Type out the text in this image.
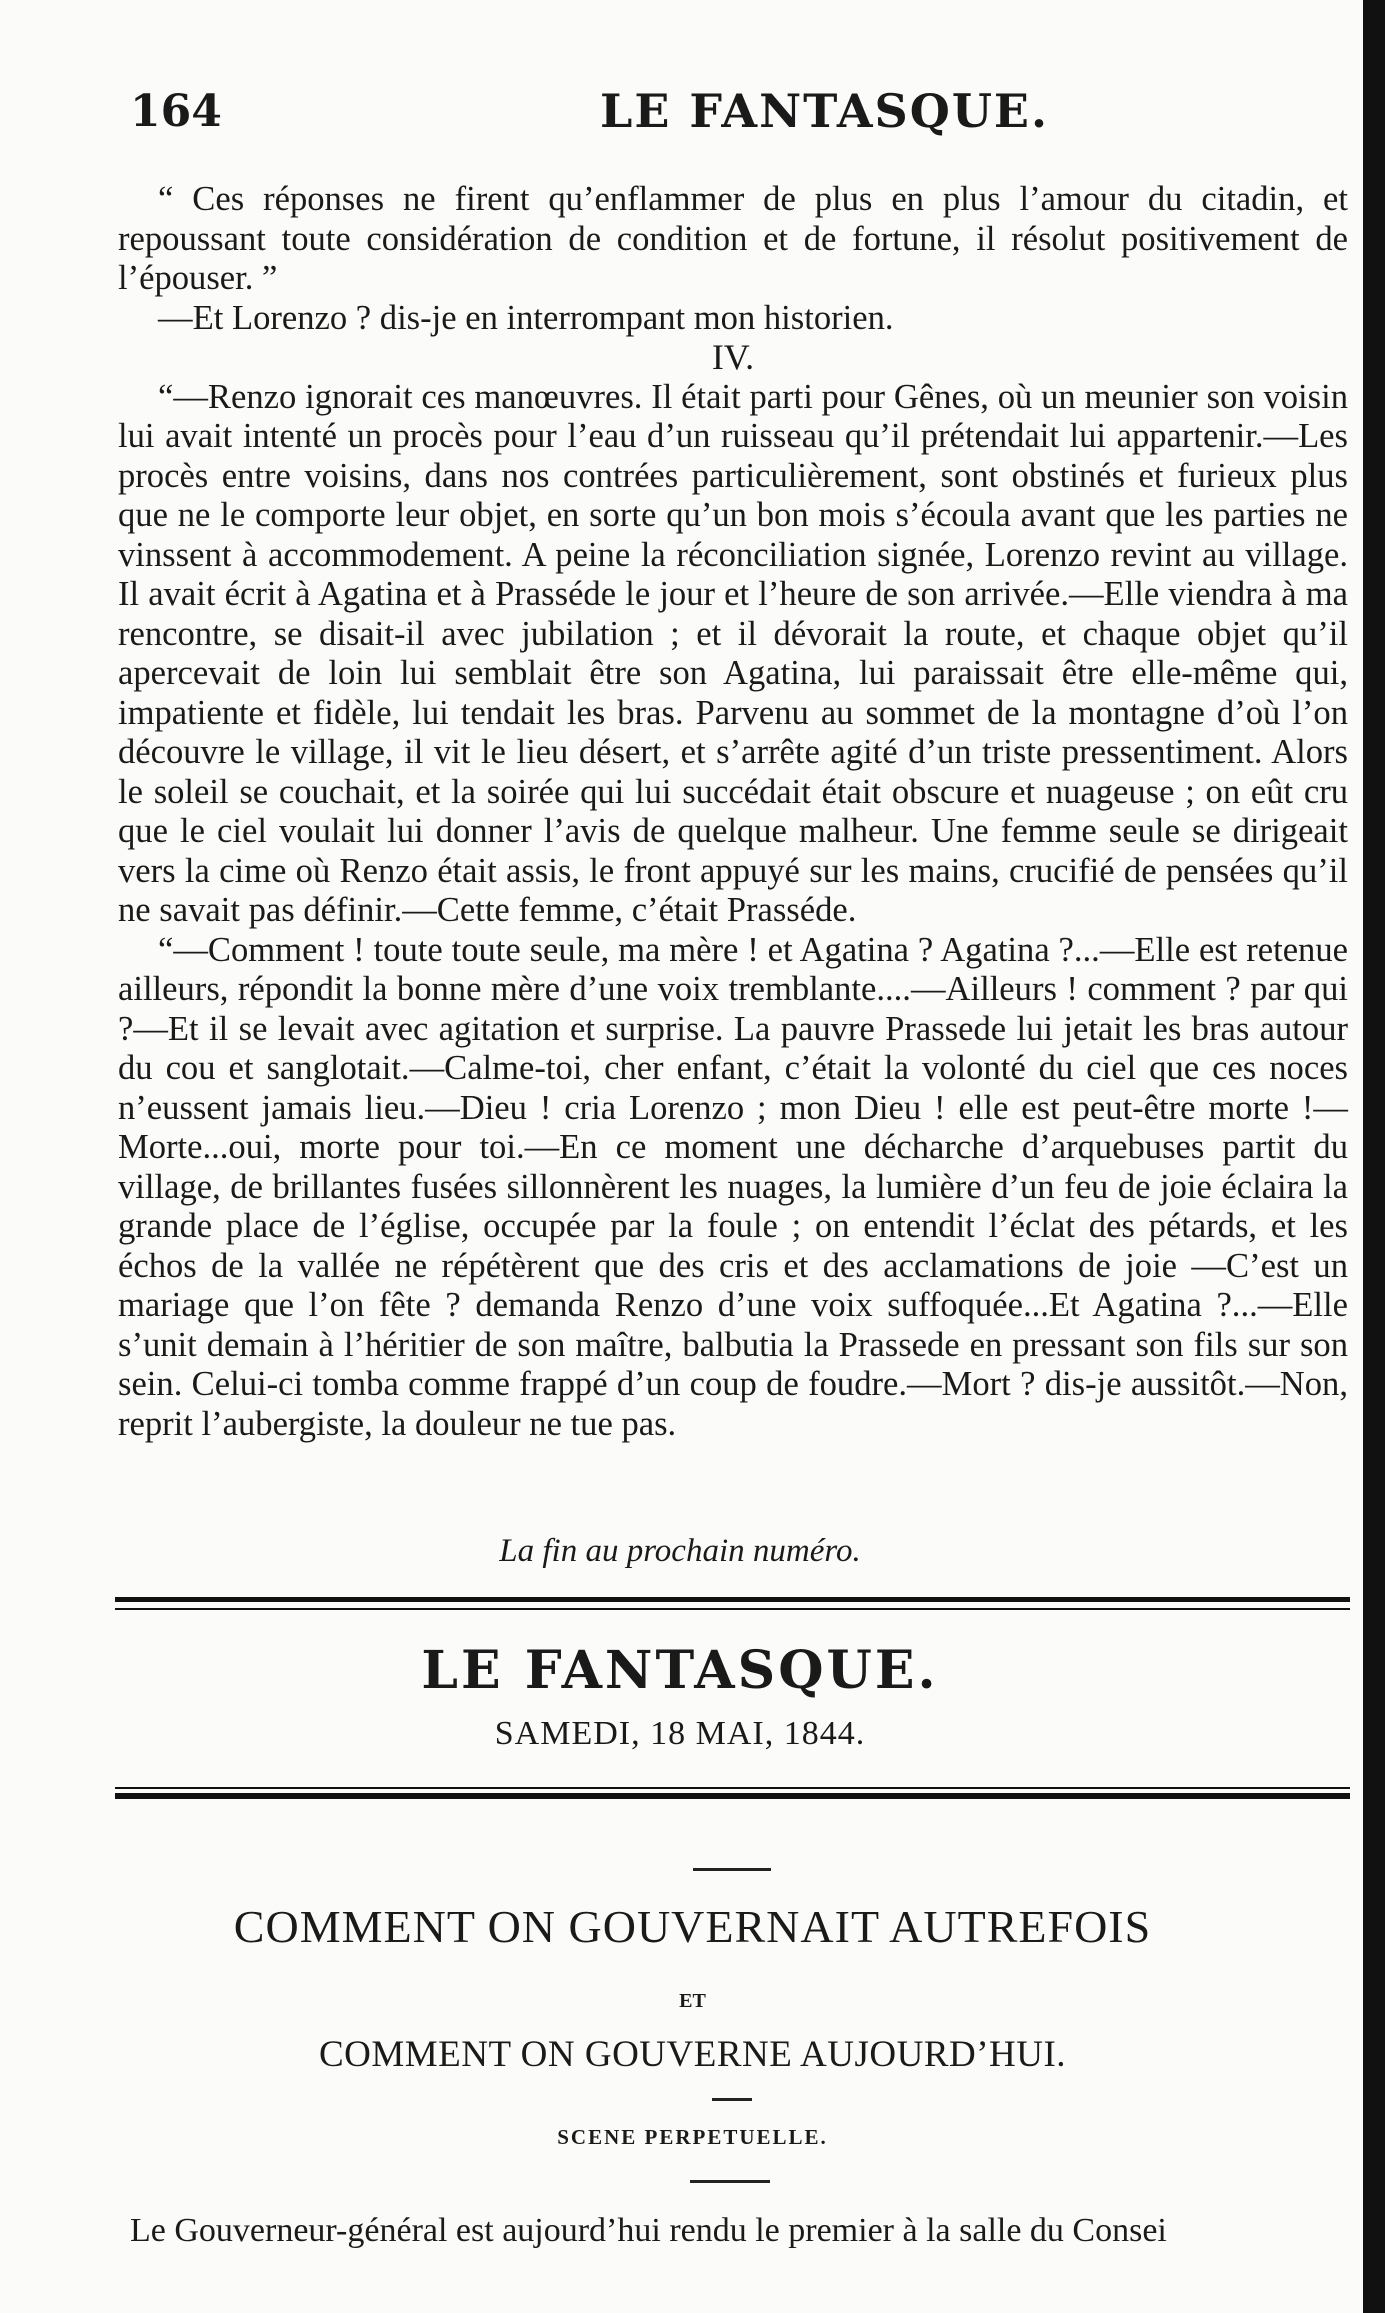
164	LE FANTASQUE.

“ Ces réponses ne firent qu’enflammer de plus en plus l’amour du citadin, et repoussant toute considération de condition et de fortune, il résolut positivement de l’épouser. ”

—Et Lorenzo ? dis-je en interrompant mon historien.

IV.

“—Renzo ignorait ces manœuvres. Il était parti pour Gênes, où un meunier son voisin lui avait intenté un procès pour l’eau d’un ruisseau qu’il prétendait lui appartenir.—Les procès entre voisins, dans nos contrées particulièrement, sont obstinés et furieux plus que ne le comporte leur objet, en sorte qu’un bon mois s’écoula avant que les parties ne vinssent à accommodement. A peine la réconciliation signée, Lorenzo revint au village. Il avait écrit à Agatina et à Prasséde le jour et l’heure de son arrivée.—Elle viendra à ma rencontre, se disait-il avec jubilation ; et il dévorait la route, et chaque objet qu’il apercevait de loin lui semblait être son Agatina, lui paraissait être elle-même qui, impatiente et fidèle, lui tendait les bras. Parvenu au sommet de la montagne d’où l’on découvre le village, il vit le lieu désert, et s’arrête agité d’un triste pressentiment. Alors le soleil se couchait, et la soirée qui lui succédait était obscure et nuageuse ; on eût cru que le ciel voulait lui donner l’avis de quelque malheur. Une femme seule se dirigeait vers la cime où Renzo était assis, le front appuyé sur les mains, crucifié de pensées qu’il ne savait pas définir.—Cette femme, c’était Prasséde.

“—Comment ! toute toute seule, ma mère ! et Agatina ? Agatina ?...—Elle est retenue ailleurs, répondit la bonne mère d’une voix tremblante....—Ailleurs ! comment ? par qui ?—Et il se levait avec agitation et surprise. La pauvre Prassede lui jetait les bras autour du cou et sanglotait.—Calme-toi, cher enfant, c’était la volonté du ciel que ces noces n’eussent jamais lieu.—Dieu ! cria Lorenzo ; mon Dieu ! elle est peut-être morte !—Morte...oui, morte pour toi.—En ce moment une décharche d’arquebuses partit du village, de brillantes fusées sillonnèrent les nuages, la lumière d’un feu de joie éclaira la grande place de l’église, occupée par la foule ; on entendit l’éclat des pétards, et les échos de la vallée ne répétèrent que des cris et des acclamations de joie —C’est un mariage que l’on fête ? demanda Renzo d’une voix suffoquée...Et Agatina ?...—Elle s’unit demain à l’héritier de son maître, balbutia la Prassede en pressant son fils sur son sein. Celui-ci tomba comme frappé d’un coup de foudre.—Mort ? dis-je aussitôt.—Non, reprit l’aubergiste, la douleur ne tue pas.

La fin au prochain numéro.
LE FANTASQUE.
SAMEDI, 18 MAI, 1844.
COMMENT ON GOUVERNAIT AUTREFOIS
ET
COMMENT ON GOUVERNE AUJOURD’HUI.
SCENE PERPETUELLE.
Le Gouverneur-général est aujourd’hui rendu le premier à la salle du Consei
